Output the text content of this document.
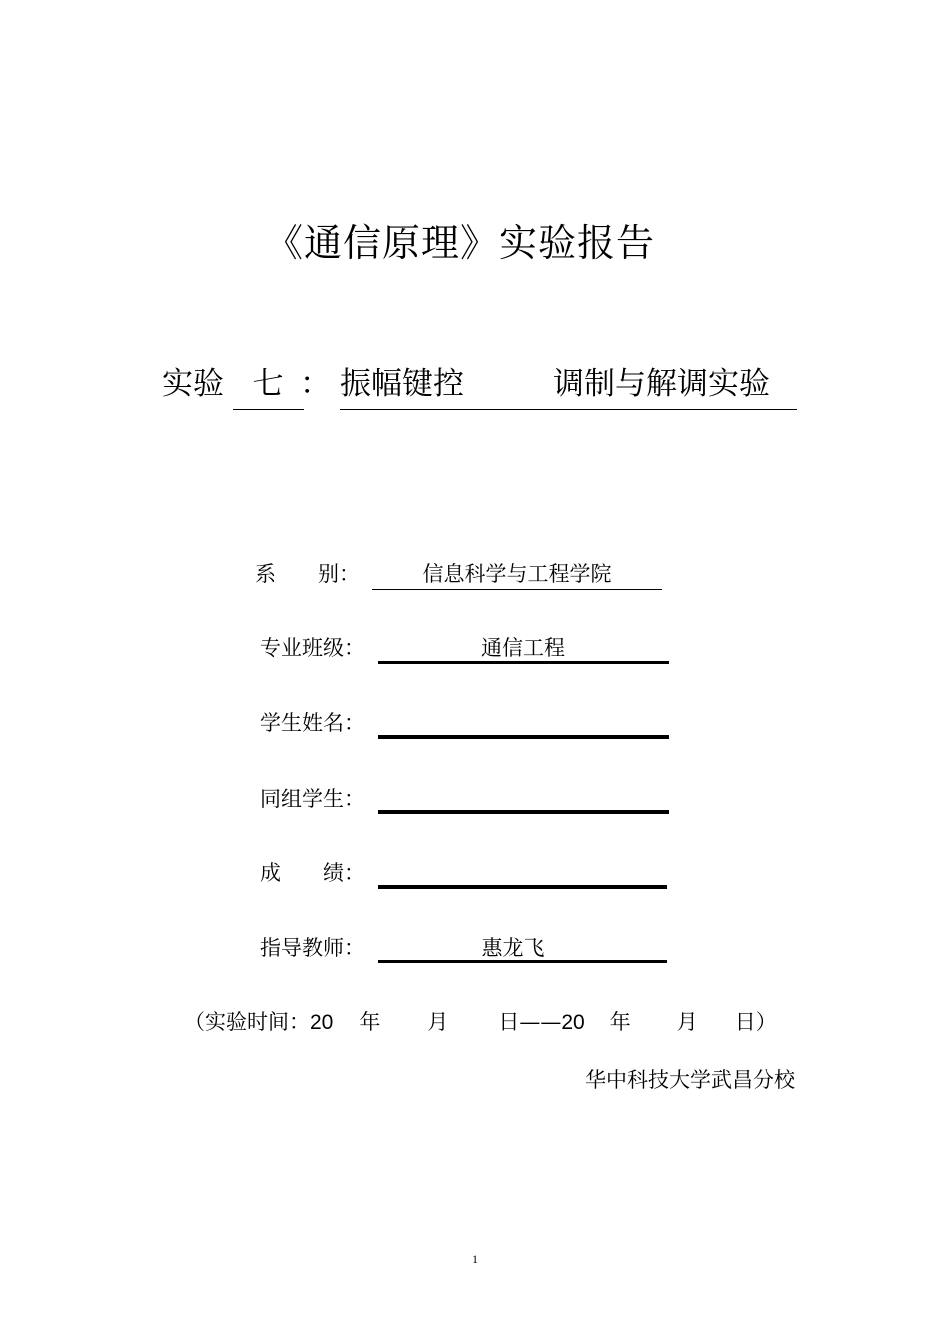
《通信原理》实验报告
实验 七 ： 振幅键控	调制与解调实验
系　　别：	信息科学与工程学院
专业班级：	通信工程
学生姓名：
同组学生：
成　　绩：
指导教师：	惠龙飞
（实验时间：20 年 月 日——20 年 月 日）
华中科技大学武昌分校
1
